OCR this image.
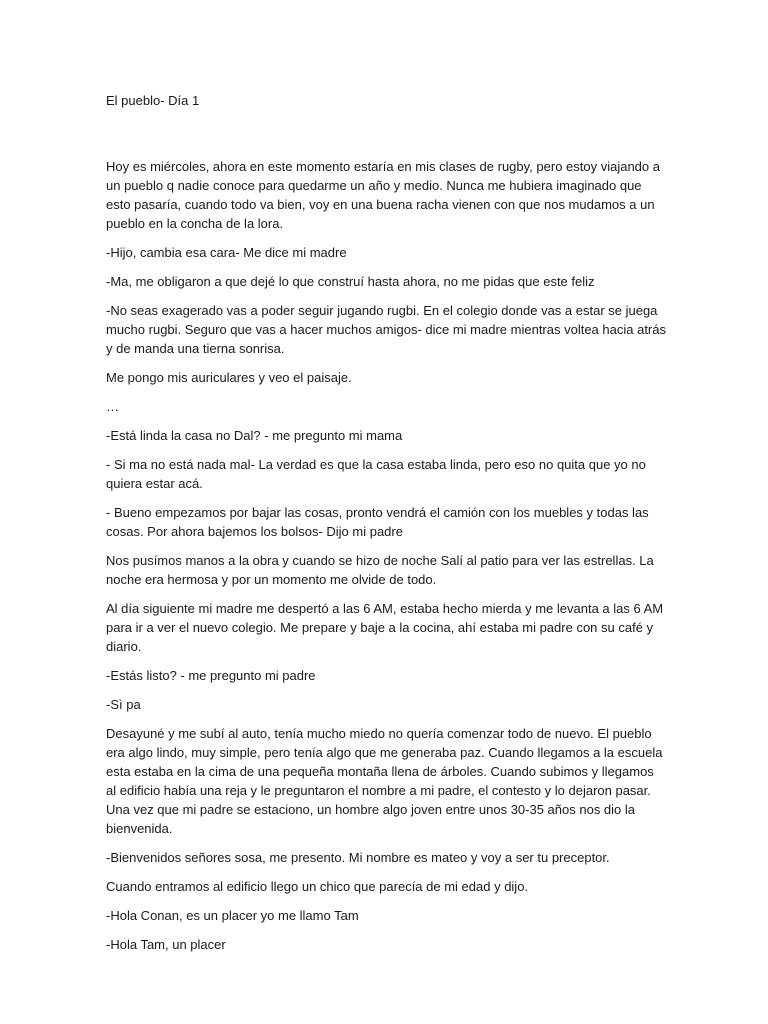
El pueblo- Día 1

Hoy es miércoles, ahora en este momento estaría en mis clases de rugby, pero estoy viajando a un pueblo q nadie conoce para quedarme un año y medio. Nunca me hubiera imaginado que esto pasaría, cuando todo va bien, voy en una buena racha vienen con que nos mudamos a un pueblo en la concha de la lora.

-Hijo, cambia esa cara- Me dice mi madre

-Ma, me obligaron a que dejé lo que construí hasta ahora, no me pidas que este feliz

-No seas exagerado vas a poder seguir jugando rugbi. En el colegio donde vas a estar se juega mucho rugbi. Seguro que vas a hacer muchos amigos- dice mi madre mientras voltea hacia atrás y de manda una tierna sonrisa.

Me pongo mis auriculares y veo el paisaje.

…

-Está linda la casa no Dal? - me pregunto mi mama

- Si ma no está nada mal- La verdad es que la casa estaba linda, pero eso no quita que yo no quiera estar acá.

- Bueno empezamos por bajar las cosas, pronto vendrá el camión con los muebles y todas las cosas. Por ahora bajemos los bolsos- Dijo mi padre

Nos pusímos manos a la obra y cuando se hizo de noche Salí al patio para ver las estrellas. La noche era hermosa y por un momento me olvide de todo.

Al día siguiente mi madre me despertó a las 6 AM, estaba hecho mierda y me levanta a las 6 AM para ir a ver el nuevo colegio. Me prepare y baje a la cocina, ahí estaba mi padre con su café y diario.

-Estás listo? - me pregunto mi padre

-Sì pa

Desayuné y me subí al auto, tenía mucho miedo no quería comenzar todo de nuevo. El pueblo era algo lindo, muy simple, pero tenía algo que me generaba paz. Cuando llegamos a la escuela esta estaba en la cima de una pequeña montaña llena de árboles. Cuando subimos y llegamos al edificio había una reja y le preguntaron el nombre a mi padre, el contesto y lo dejaron pasar. Una vez que mi padre se estaciono, un hombre algo joven entre unos 30-35 años nos dio la bienvenida.

-Bienvenidos señores sosa, me presento. Mi nombre es mateo y voy a ser tu preceptor.

Cuando entramos al edificio llego un chico que parecía de mi edad y dijo.

-Hola Conan, es un placer yo me llamo Tam

-Hola Tam, un placer
